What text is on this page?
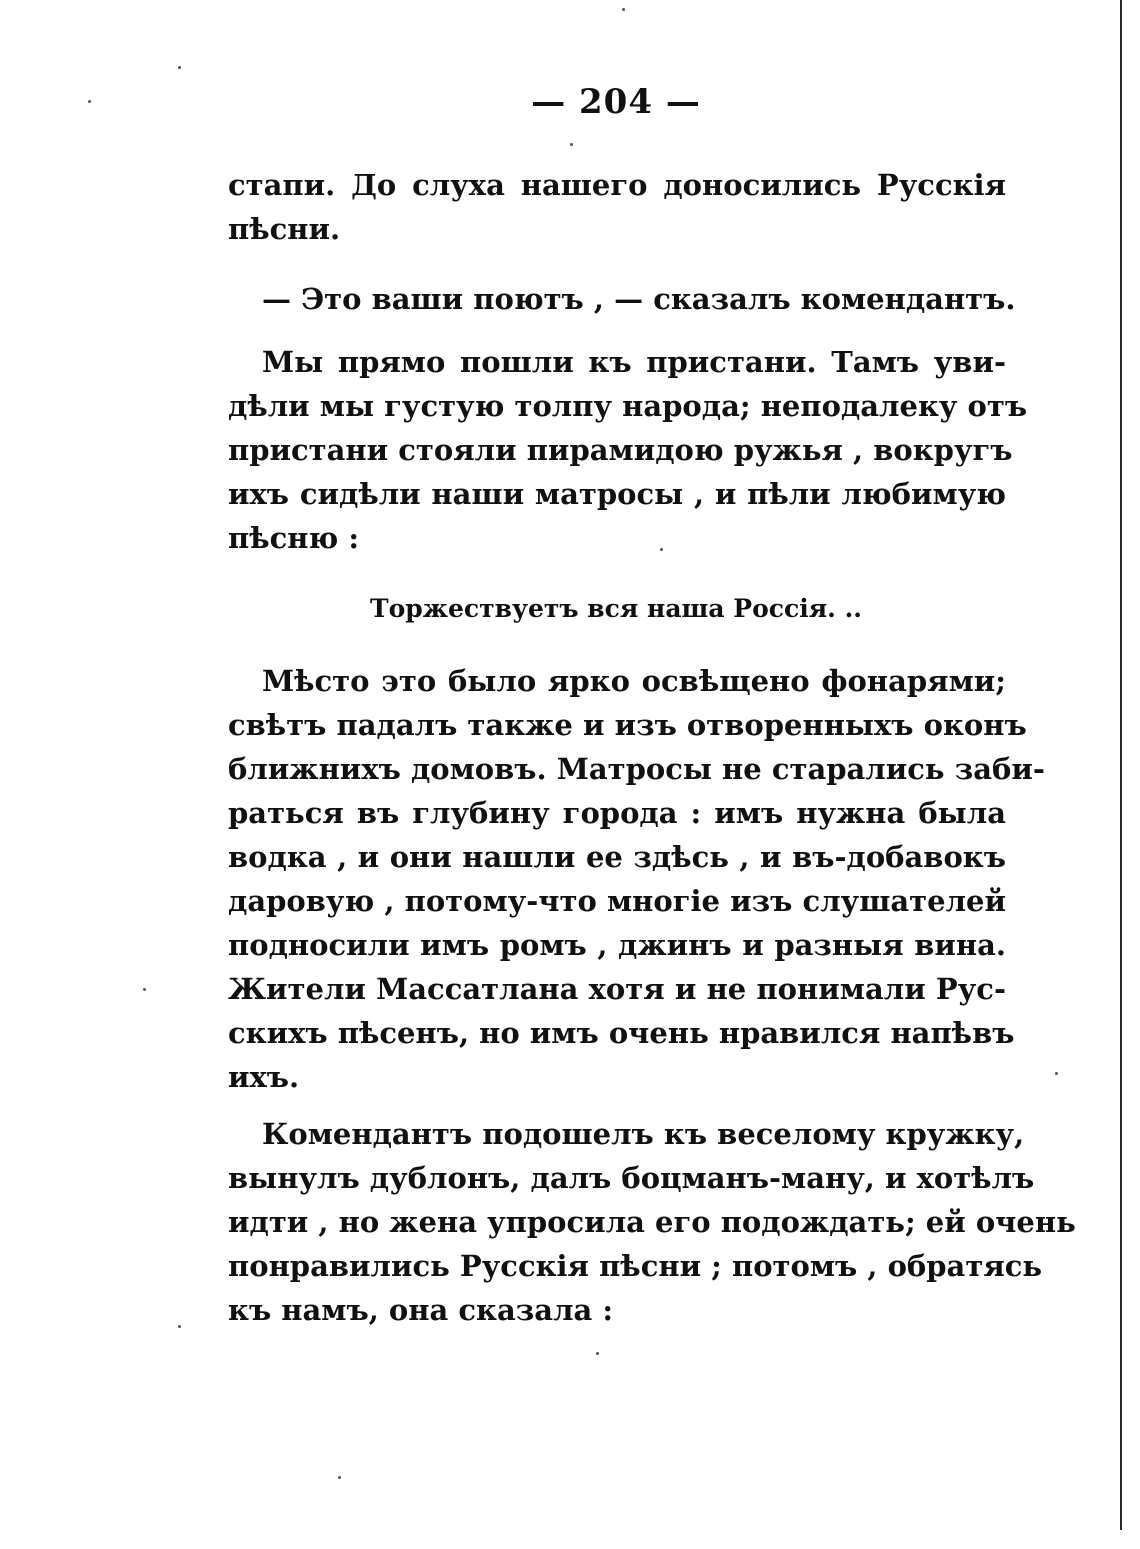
— 204 —
стапи. До слуха нашего доносились Русскія
пѣсни.
— Это ваши поютъ , — сказалъ комендантъ.
Мы прямо пошли къ пристани. Тамъ уви-
дѣли мы густую толпу народа; неподалеку отъ
пристани стояли пирамидою ружья , вокругъ
ихъ сидѣли наши матросы , и пѣли любимую
пѣсню :
Торжествуетъ вся наша Россія. ..
Мѣсто это было ярко освѣщено фонарями;
свѣтъ падалъ также и изъ отворенныхъ оконъ
ближнихъ домовъ. Матросы не старались заби-
раться въ глубину города : имъ нужна была
водка , и они нашли ее здѣсь , и въ-добавокъ
даровую , потому-что многіе изъ слушателей
подносили имъ ромъ , джинъ и разныя вина.
Жители Массатлана хотя и не понимали Рус-
скихъ пѣсенъ, но имъ очень нравился напѣвъ
ихъ.
Комендантъ подошелъ къ веселому кружку,
вынулъ дублонъ, далъ боцманъ-ману, и хотѣлъ
идти , но жена упросила его подождать; ей очень
понравились Русскія пѣсни ; потомъ , обратясь
къ намъ, она сказала :
